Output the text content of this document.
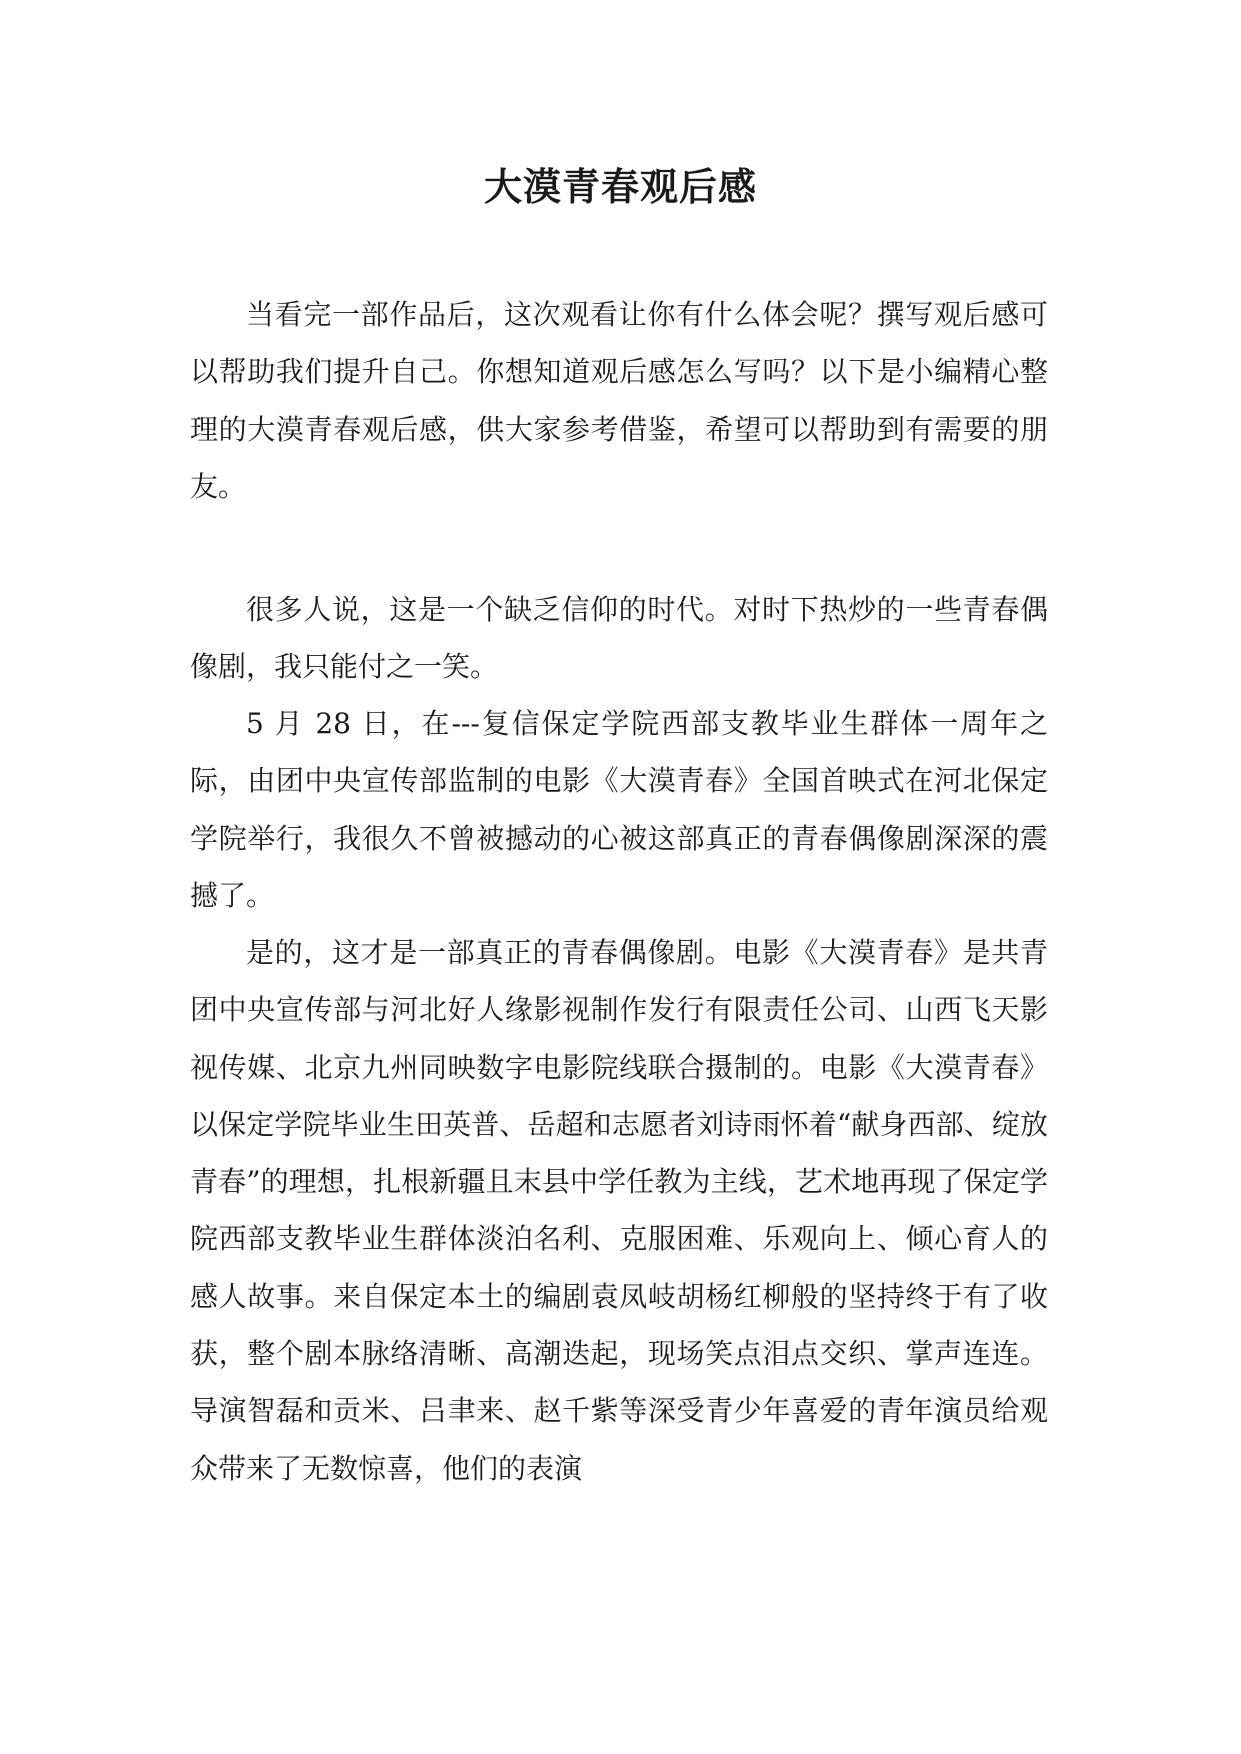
大漠青春观后感

当看完一部作品后，这次观看让你有什么体会呢？撰写观后感可以帮助我们提升自己。你想知道观后感怎么写吗？以下是小编精心整理的大漠青春观后感，供大家参考借鉴，希望可以帮助到有需要的朋友。

很多人说，这是一个缺乏信仰的时代。对时下热炒的一些青春偶像剧，我只能付之一笑。

5 月 28 日，在---复信保定学院西部支教毕业生群体一周年之际，由团中央宣传部监制的电影《大漠青春》全国首映式在河北保定学院举行，我很久不曾被撼动的心被这部真正的青春偶像剧深深的震撼了。

是的，这才是一部真正的青春偶像剧。电影《大漠青春》是共青团中央宣传部与河北好人缘影视制作发行有限责任公司、山西飞天影视传媒、北京九州同映数字电影院线联合摄制的。电影《大漠青春》以保定学院毕业生田英普、岳超和志愿者刘诗雨怀着“献身西部、绽放青春”的理想，扎根新疆且末县中学任教为主线，艺术地再现了保定学院西部支教毕业生群体淡泊名利、克服困难、乐观向上、倾心育人的感人故事。来自保定本土的编剧袁凤岐胡杨红柳般的坚持终于有了收获，整个剧本脉络清晰、高潮迭起，现场笑点泪点交织、掌声连连。导演智磊和贡米、吕聿来、赵千紫等深受青少年喜爱的青年演员给观众带来了无数惊喜，他们的表演
